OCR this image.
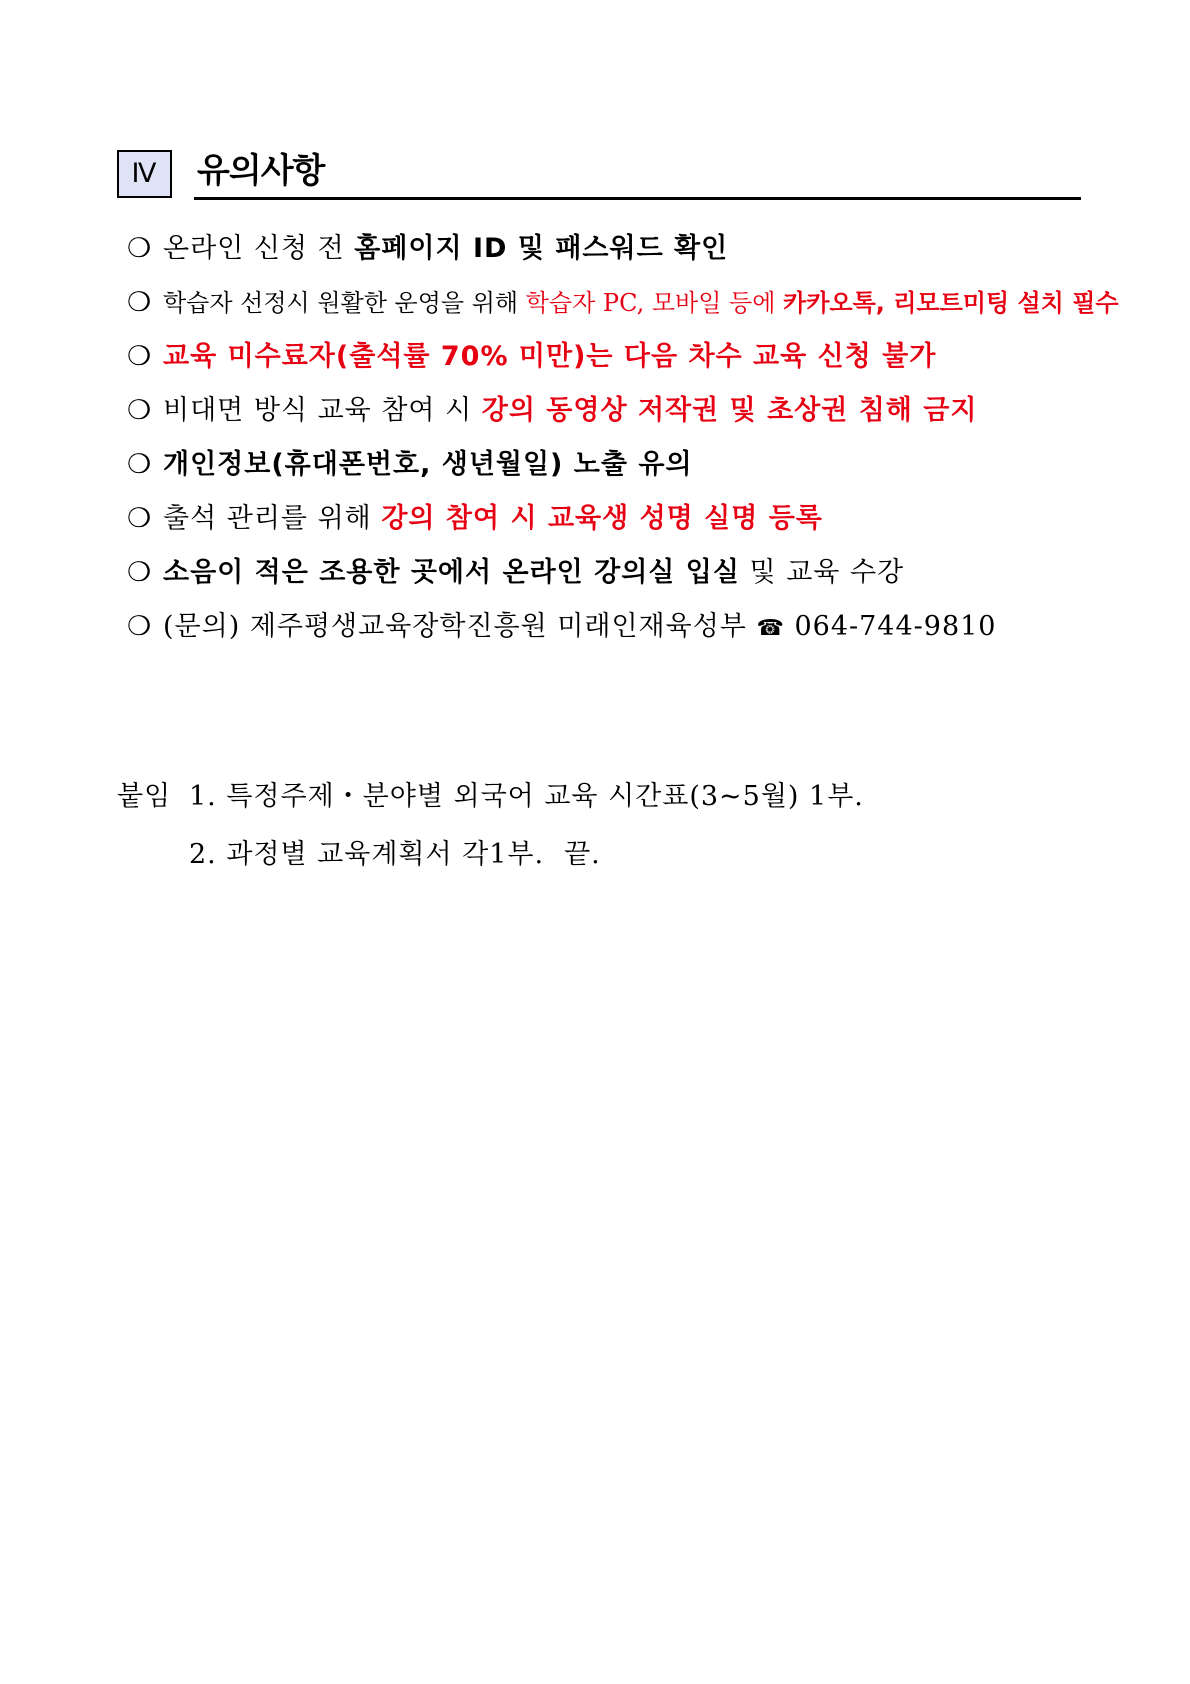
Ⅳ	유의사항
❍ 온라인 신청 전 홈페이지 ID 및 패스워드 확인
❍ 학습자 선정시 원활한 운영을 위해 학습자 PC, 모바일 등에 카카오톡, 리모트미팅 설치 필수
❍ 교육 미수료자(출석률 70% 미만)는 다음 차수 교육 신청 불가
❍ 비대면 방식 교육 참여 시 강의 동영상 저작권 및 초상권 침해 금지
❍ 개인정보(휴대폰번호, 생년월일) 노출 유의
❍ 출석 관리를 위해 강의 참여 시 교육생 성명 실명 등록
❍ 소음이 적은 조용한 곳에서 온라인 강의실 입실 및 교육 수강
❍ (문의) 제주평생교육장학진흥원 미래인재육성부 ☎ 064-744-9810
붙임 1. 특정주제・분야별 외국어 교육 시간표(3~5월) 1부.
2. 과정별 교육계획서 각1부. 끝.
